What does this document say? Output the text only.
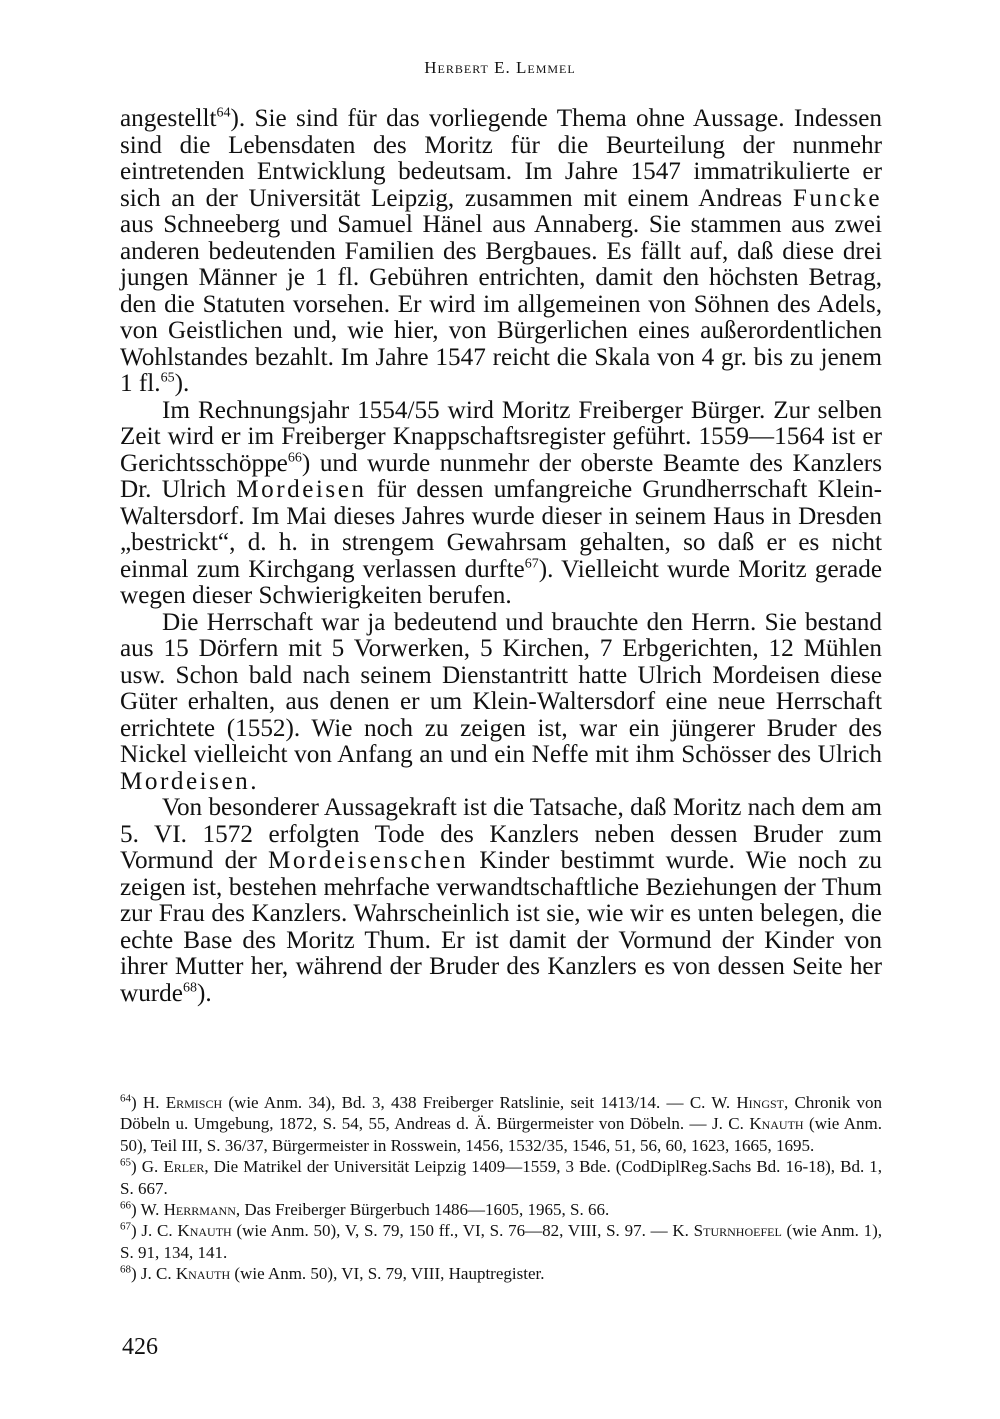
Herbert E. Lemmel

angestellt$^{64}$). Sie sind für das vorliegende Thema ohne Aussage. Indessen sind die Lebensdaten des Moritz für die Beurteilung der nunmehr eintretenden Entwicklung bedeutsam. Im Jahre 1547 immatrikulierte er sich an der Universität Leipzig, zusammen mit einem Andreas Funcke aus Schneeberg und Samuel Hänel aus Annaberg. Sie stammen aus zwei anderen bedeutenden Familien des Bergbaues. Es fällt auf, daß diese drei jungen Männer je 1 fl. Gebühren entrichten, damit den höchsten Betrag, den die Statuten vorsehen. Er wird im allgemeinen von Söhnen des Adels, von Geistlichen und, wie hier, von Bürgerlichen eines außerordentlichen Wohlstandes bezahlt. Im Jahre 1547 reicht die Skala von 4 gr. bis zu jenem 1 fl.$^{65}$).

Im Rechnungsjahr 1554/55 wird Moritz Freiberger Bürger. Zur selben Zeit wird er im Freiberger Knappschaftsregister geführt. 1559—1564 ist er Gerichtsschöppe$^{66}$) und wurde nunmehr der oberste Beamte des Kanzlers Dr. Ulrich Mordeisen für dessen umfangreiche Grundherrschaft Klein-Waltersdorf. Im Mai dieses Jahres wurde dieser in seinem Haus in Dresden „bestrickt“, d. h. in strengem Gewahrsam gehalten, so daß er es nicht einmal zum Kirchgang verlassen durfte$^{67}$). Vielleicht wurde Moritz gerade wegen dieser Schwierigkeiten berufen.

Die Herrschaft war ja bedeutend und brauchte den Herrn. Sie bestand aus 15 Dörfern mit 5 Vorwerken, 5 Kirchen, 7 Erbgerichten, 12 Mühlen usw. Schon bald nach seinem Dienstantritt hatte Ulrich Mordeisen diese Güter erhalten, aus denen er um Klein-Waltersdorf eine neue Herrschaft errichtete (1552). Wie noch zu zeigen ist, war ein jüngerer Bruder des Nickel vielleicht von Anfang an und ein Neffe mit ihm Schösser des Ulrich Mordeisen.

Von besonderer Aussagekraft ist die Tatsache, daß Moritz nach dem am 5. VI. 1572 erfolgten Tode des Kanzlers neben dessen Bruder zum Vormund der Mordeisenschen Kinder bestimmt wurde. Wie noch zu zeigen ist, bestehen mehrfache verwandtschaftliche Beziehungen der Thum zur Frau des Kanzlers. Wahrscheinlich ist sie, wie wir es unten belegen, die echte Base des Moritz Thum. Er ist damit der Vormund der Kinder von ihrer Mutter her, während der Bruder des Kanzlers es von dessen Seite her wurde$^{68}$).

$^{64}$) H. Ermisch (wie Anm. 34), Bd. 3, 438 Freiberger Ratslinie, seit 1413/14. — C. W. Hingst, Chronik von Döbeln u. Umgebung, 1872, S. 54, 55, Andreas d. Ä. Bürgermeister von Döbeln. — J. C. Knauth (wie Anm. 50), Teil III, S. 36/37, Bürgermeister in Rosswein, 1456, 1532/35, 1546, 51, 56, 60, 1623, 1665, 1695.

$^{65}$) G. Erler, Die Matrikel der Universität Leipzig 1409—1559, 3 Bde. (CodDiplReg.Sachs Bd. 16-18), Bd. 1, S. 667.

$^{66}$) W. Herrmann, Das Freiberger Bürgerbuch 1486—1605, 1965, S. 66.

$^{67}$) J. C. Knauth (wie Anm. 50), V, S. 79, 150 ff., VI, S. 76—82, VIII, S. 97. — K. Sturnhoefel (wie Anm. 1), S. 91, 134, 141.

$^{68}$) J. C. Knauth (wie Anm. 50), VI, S. 79, VIII, Hauptregister.

426
